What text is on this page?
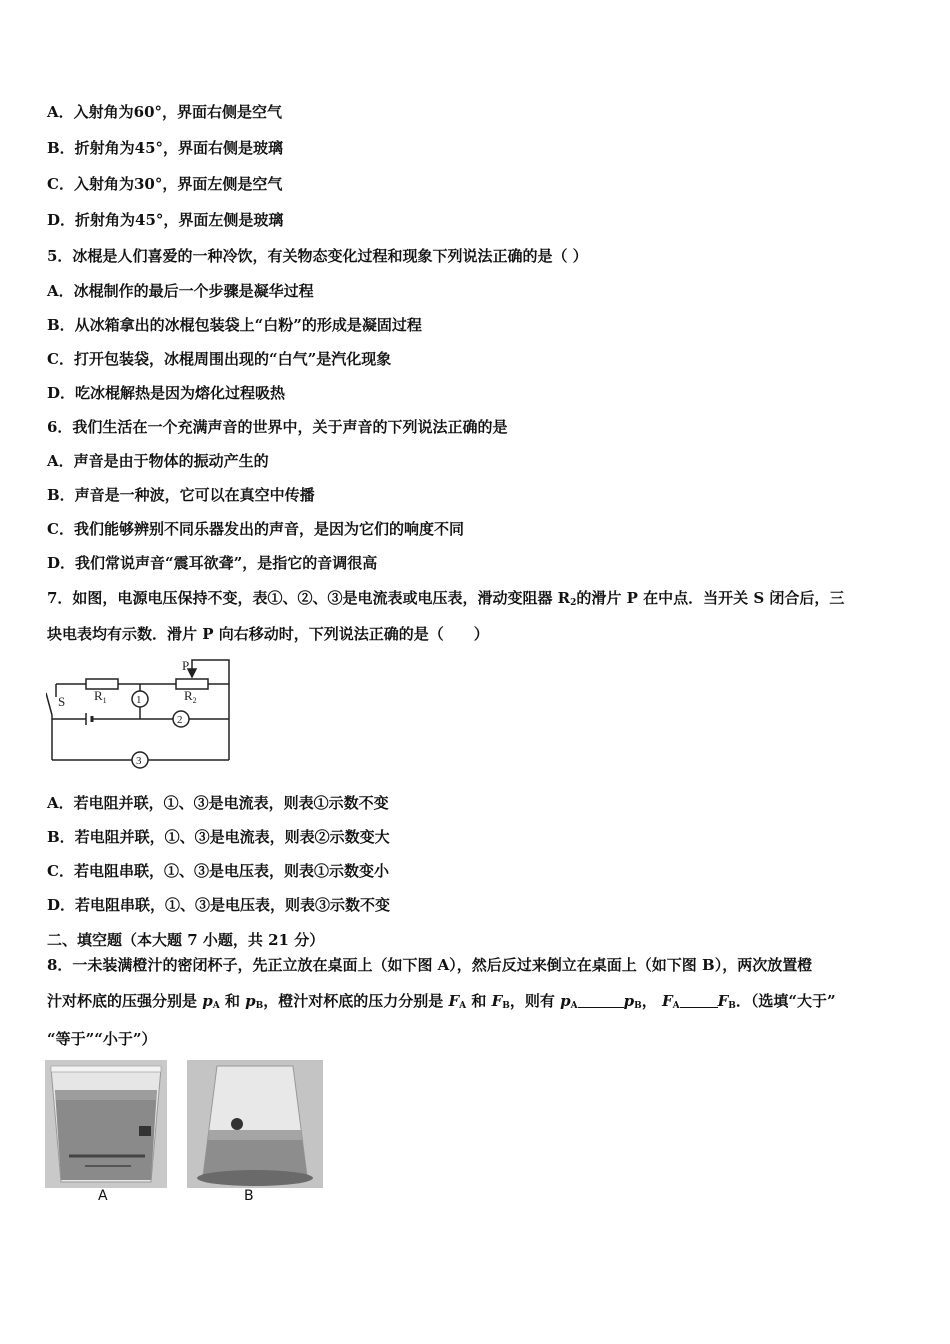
A．入射角为60°，界面右侧是空气
B．折射角为45°，界面右侧是玻璃
C．入射角为30°，界面左侧是空气
D．折射角为45°，界面左侧是玻璃
5．冰棍是人们喜爱的一种冷饮，有关物态变化过程和现象下列说法正确的是（ ）
A．冰棍制作的最后一个步骤是凝华过程
B．从冰箱拿出的冰棍包装袋上“白粉”的形成是凝固过程
C．打开包装袋，冰棍周围出现的“白气”是汽化现象
D．吃冰棍解热是因为熔化过程吸热
6．我们生活在一个充满声音的世界中，关于声音的下列说法正确的是
A．声音是由于物体的振动产生的
B．声音是一种波，它可以在真空中传播
C．我们能够辨别不同乐器发出的声音，是因为它们的响度不同
D．我们常说声音“震耳欲聋”，是指它的音调很高
7．如图，电源电压保持不变，表①、②、③是电流表或电压表，滑动变阻器 $R_2$的滑片 P 在中点．当开关 S 闭合后，三
块电表均有示数．滑片 P 向右移动时，下列说法正确的是（　　）
P
S $R_1$	$R_2$
1
2
3
A．若电阻并联，①、③是电流表，则表①示数不变
B．若电阻并联，①、③是电流表，则表②示数变大
C．若电阻串联，①、③是电压表，则表①示数变小
D．若电阻串联，①、③是电压表，则表③示数不变
二、填空题（本大题 7 小题，共 21 分）
8．一未装满橙汁的密闭杯子，先正立放在桌面上（如下图 A），然后反过来倒立在桌面上（如下图 B），两次放置橙
汁对杯底的压强分别是 $p_A$ 和 $p_B$，橙汁对杯底的压力分别是 $F_A$ 和 $F_B$，则有 $p_A$	$p_B$， $F_A$	$F_B$．（选填“大于”
“等于”“小于”）
A	B
